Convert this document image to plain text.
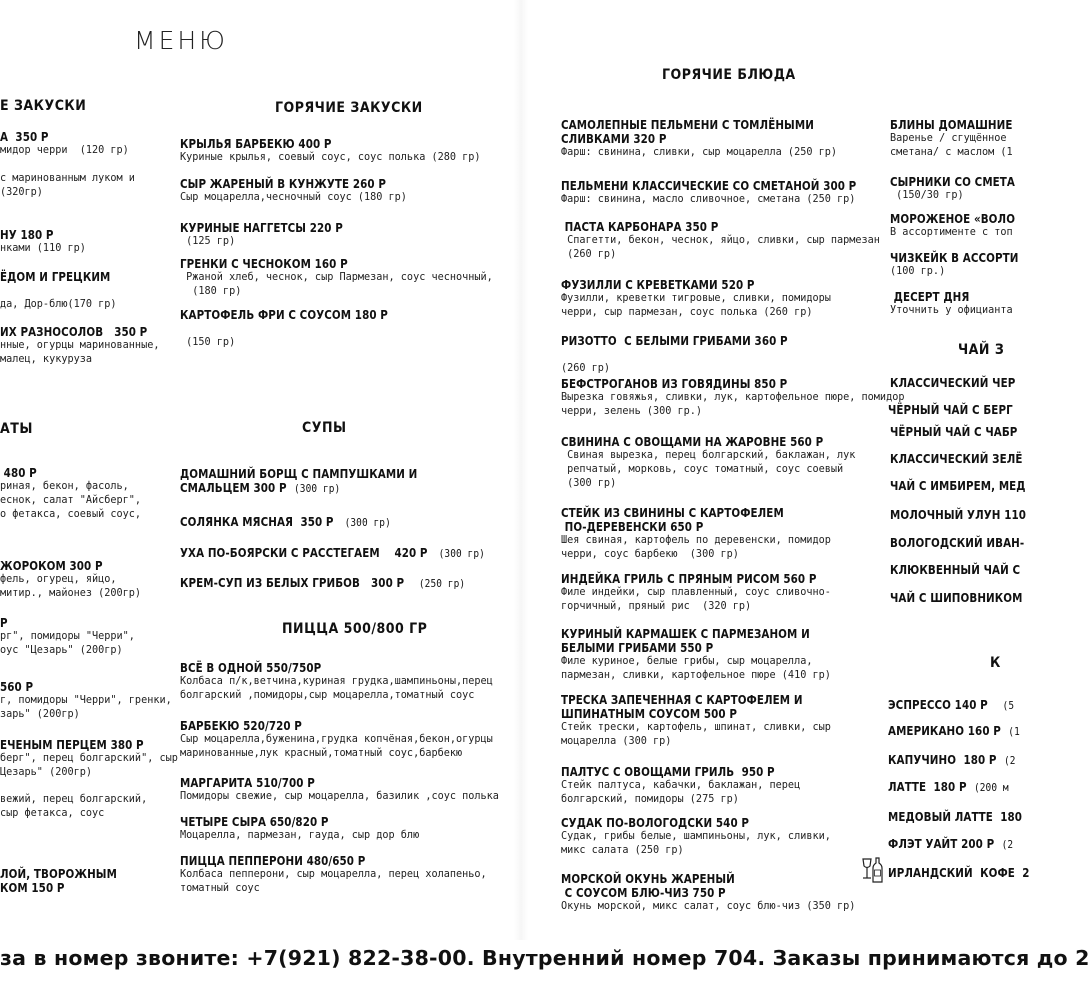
МЕНЮ
Е ЗАКУСКИ
А  350 Р
мидор черри  (120 гр)
с маринованным луком и
(320гр)
НУ 180 Р
нками (110 гр)
ЁДОМ И ГРЕЦКИМ

да, Дор-блю(170 гр)
ИХ РАЗНОСОЛОВ   350 Р
нные, огурцы маринованные,
малец, кукуруза
АТЫ
480 Р
риная, бекон, фасоль,
еснок, салат "Айсберг",
о фетакса, соевый соус,
ЖОРОКОМ 300 Р
фель, огурец, яйцо,
митир., майонез (200гр)
Р
рг", помидоры "Черри",
оус "Цезарь" (200гр)
560 Р
г, помидоры "Черри", гренки,
зарь" (200гр)
ЕЧЕНЫМ ПЕРЦЕМ 380 Р
берг", перец болгарский", сыр
Цезарь" (200гр)
вежий, перец болгарский,
сыр фетакса, соус
ЛОЙ, ТВОРОЖНЫМ
КОМ 150 Р
ГОРЯЧИЕ ЗАКУСКИ
КРЫЛЬЯ БАРБЕКЮ 400 Р
Куриные крылья, соевый соус, соус полька (280 гр)
СЫР ЖАРЕНЫЙ В КУНЖУТЕ 260 Р
Сыр моцарелла,чесночный соус (180 гр)
КУРИНЫЕ НАГГЕТСЫ 220 Р
(125 гр)
ГРЕНКИ С ЧЕСНОКОМ 160 Р
Ржаной хлеб, чеснок, сыр Пармезан, соус чесночный,
(180 гр)
КАРТОФЕЛЬ ФРИ С СОУСОМ 180 Р

(150 гр)
СУПЫ
ДОМАШНИЙ БОРЩ С ПАМПУШКАМИ И
СМАЛЬЦЕМ 300 Р (300 гр)
СОЛЯНКА МЯСНАЯ  350 Р (300 гр)
УХА ПО-БОЯРСКИ С РАССТЕГАЕМ    420 Р (300 гр)
КРЕМ-СУП ИЗ БЕЛЫХ ГРИБОВ   300 Р (250 гр)
ПИЦЦА 500/800 ГР
ВСЁ В ОДНОЙ 550/750Р
Колбаса п/к,ветчина,куриная грудка,шампиньоны,перец
болгарский ,помидоры,сыр моцарелла,томатный соус
БАРБЕКЮ 520/720 Р
Сыр моцарелла,буженина,грудка копчёная,бекон,огурцы
маринованные,лук красный,томатный соус,барбекю
МАРГАРИТА 510/700 Р
Помидоры свежие, сыр моцарелла, базилик ,соус полька
ЧЕТЫРЕ СЫРА 650/820 Р
Моцарелла, пармезан, гауда, сыр дор блю
ПИЦЦА ПЕППЕРОНИ 480/650 Р
Колбаса пепперони, сыр моцарелла, перец холапеньо,
томатный соус
ГОРЯЧИЕ БЛЮДА
САМОЛЕПНЫЕ ПЕЛЬМЕНИ С ТОМЛЁНЫМИ
СЛИВКАМИ 320 Р
Фарш: свинина, сливки, сыр моцарелла (250 гр)
ПЕЛЬМЕНИ КЛАССИЧЕСКИЕ СО СМЕТАНОЙ 300 Р
Фарш: свинина, масло сливочное, сметана (250 гр)
ПАСТА КАРБОНАРА 350 Р
Спагетти, бекон, чеснок, яйцо, сливки, сыр пармезан
(260 гр)
ФУЗИЛЛИ С КРЕВЕТКАМИ 520 Р
Фузилли, креветки тигровые, сливки, помидоры
черри, сыр пармезан, соус полька (260 гр)
РИЗОТТО  С БЕЛЫМИ ГРИБАМИ 360 Р

(260 гр)
БЕФСТРОГАНОВ ИЗ ГОВЯДИНЫ 850 Р
Вырезка говяжья, сливки, лук, картофельное пюре, помидор
черри, зелень (300 гр.)
СВИНИНА С ОВОЩАМИ НА ЖАРОВНЕ 560 Р
Свиная вырезка, перец болгарский, баклажан, лук
репчатый, морковь, соус томатный, соус соевый
(300 гр)
СТЕЙК ИЗ СВИНИНЫ С КАРТОФЕЛЕМ
ПО-ДЕРЕВЕНСКИ 650 Р
Шея свиная, картофель по деревенски, помидор
черри, соус барбекю  (300 гр)
ИНДЕЙКА ГРИЛЬ С ПРЯНЫМ РИСОМ 560 Р
Филе индейки, сыр плавленный, соус сливочно-
горчичный, пряный рис  (320 гр)
КУРИНЫЙ КАРМАШЕК С ПАРМЕЗАНОМ И
БЕЛЫМИ ГРИБАМИ 550 Р
Филе куриное, белые грибы, сыр моцарелла,
пармезан, сливки, картофельное пюре (410 гр)
ТРЕСКА ЗАПЕЧЕННАЯ С КАРТОФЕЛЕМ И
ШПИНАТНЫМ СОУСОМ 500 Р
Стейк трески, картофель, шпинат, сливки, сыр
моцарелла (300 гр)
ПАЛТУС С ОВОЩАМИ ГРИЛЬ  950 Р
Стейк палтуса, кабачки, баклажан, перец
болгарский, помидоры (275 гр)
СУДАК ПО-ВОЛОГОДСКИ 540 Р
Судак, грибы белые, шампиньоны, лук, сливки,
микс салата (250 гр)
МОРСКОЙ ОКУНЬ ЖАРЕНЫЙ
С СОУСОМ БЛЮ-ЧИЗ 750 Р
Окунь морской, микс салат, соус блю-чиз (350 гр)
БЛИНЫ ДОМАШНИЕ
Варенье / сгущённое
сметана/ с маслом (1
СЫРНИКИ СО СМЕТА
(150/30 гр)
МОРОЖЕНОЕ «ВОЛО
В ассортименте с топ
ЧИЗКЕЙК В АССОРТИ
(100 гр.)
ДЕСЕРТ ДНЯ
Уточнить у официанта
ЧАЙ З
КЛАССИЧЕСКИЙ ЧЕР
ЧЁРНЫЙ ЧАЙ С БЕРГ
ЧЁРНЫЙ ЧАЙ С ЧАБР
КЛАССИЧЕСКИЙ ЗЕЛЁ
ЧАЙ С ИМБИРЕМ, МЕД
МОЛОЧНЫЙ УЛУН 110
ВОЛОГОДСКИЙ ИВАН-
КЛЮКВЕННЫЙ ЧАЙ С
ЧАЙ С ШИПОВНИКОМ
К
ЭСПРЕССО 140 Р (5
АМЕРИКАНО 160 Р (1
КАПУЧИНО  180 Р (2
ЛАТТЕ  180 Р (200 м
МЕДОВЫЙ ЛАТТЕ  180
ФЛЭТ УАЙТ 200 Р (2
ИРЛАНДСКИЙ  КОФЕ  2
за в номер звоните: +7(921) 822-38-00. Внутренний номер 704. Заказы принимаются до 2
